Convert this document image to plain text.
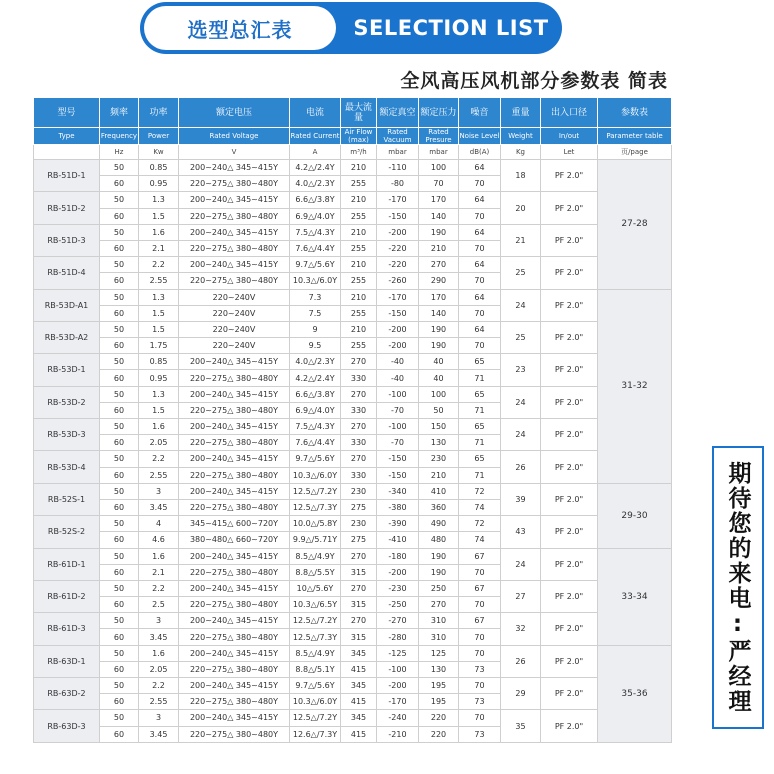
选型总汇表	SELECTION LIST
全风高压风机部分参数表 简表
型号	频率	功率	额定电压	电流	最大流量	额定真空	额定压力	噪音	重量	出入口径	参数表
Type	Frequency	Power	Rated Voltage	Rated Current	Air Flow (max)	Rated Vacuum	Rated Presure	Noise Level	Weight	In/out	Parameter table
	Hz	Kw	V	A	m³/h	mbar	mbar	dB(A)	Kg	Let	页/page
RB-51D-1	50	0.85	200~240△ 345~415Y	4.2△/2.4Y	210	-110	100	64	18	PF 2.0"	27-28
	60	0.95	220~275△ 380~480Y	4.0△/2.3Y	255	-80	70	70			
RB-51D-2	50	1.3	200~240△ 345~415Y	6.6△/3.8Y	210	-170	170	64	20	PF 2.0"	
	60	1.5	220~275△ 380~480Y	6.9△/4.0Y	255	-150	140	70			
RB-51D-3	50	1.6	200~240△ 345~415Y	7.5△/4.3Y	210	-200	190	64	21	PF 2.0"	
	60	2.1	220~275△ 380~480Y	7.6△/4.4Y	255	-220	210	70			
RB-51D-4	50	2.2	200~240△ 345~415Y	9.7△/5.6Y	210	-220	270	64	25	PF 2.0"	
	60	2.55	220~275△ 380~480Y	10.3△/6.0Y	255	-260	290	70			
RB-53D-A1	50	1.3	220~240V	7.3	210	-170	170	64	24	PF 2.0"	31-32
	60	1.5	220~240V	7.5	255	-150	140	70			
RB-53D-A2	50	1.5	220~240V	9	210	-200	190	64	25	PF 2.0"	
	60	1.75	220~240V	9.5	255	-200	190	70			
RB-53D-1	50	0.85	200~240△ 345~415Y	4.0△/2.3Y	270	-40	40	65	23	PF 2.0"	
	60	0.95	220~275△ 380~480Y	4.2△/2.4Y	330	-40	40	71			
RB-53D-2	50	1.3	200~240△ 345~415Y	6.6△/3.8Y	270	-100	100	65	24	PF 2.0"	
	60	1.5	220~275△ 380~480Y	6.9△/4.0Y	330	-70	50	71			
RB-53D-3	50	1.6	200~240△ 345~415Y	7.5△/4.3Y	270	-100	150	65	24	PF 2.0"	
	60	2.05	220~275△ 380~480Y	7.6△/4.4Y	330	-70	130	71			
RB-53D-4	50	2.2	200~240△ 345~415Y	9.7△/5.6Y	270	-150	230	65	26	PF 2.0"	
	60	2.55	220~275△ 380~480Y	10.3△/6.0Y	330	-150	210	71			
RB-52S-1	50	3	200~240△ 345~415Y	12.5△/7.2Y	230	-340	410	72	39	PF 2.0"	29-30
	60	3.45	220~275△ 380~480Y	12.5△/7.3Y	275	-380	360	74			
RB-52S-2	50	4	345~415△ 600~720Y	10.0△/5.8Y	230	-390	490	72	43	PF 2.0"	
	60	4.6	380~480△ 660~720Y	9.9△/5.71Y	275	-410	480	74			
RB-61D-1	50	1.6	200~240△ 345~415Y	8.5△/4.9Y	270	-180	190	67	24	PF 2.0"	33-34
	60	2.1	220~275△ 380~480Y	8.8△/5.5Y	315	-200	190	70			
RB-61D-2	50	2.2	200~240△ 345~415Y	10△/5.6Y	270	-230	250	67	27	PF 2.0"	
	60	2.5	220~275△ 380~480Y	10.3△/6.5Y	315	-250	270	70			
RB-61D-3	50	3	200~240△ 345~415Y	12.5△/7.2Y	270	-270	310	67	32	PF 2.0"	
	60	3.45	220~275△ 380~480Y	12.5△/7.3Y	315	-280	310	70			
RB-63D-1	50	1.6	200~240△ 345~415Y	8.5△/4.9Y	345	-125	125	70	26	PF 2.0"	35-36
	60	2.05	220~275△ 380~480Y	8.8△/5.1Y	415	-100	130	73			
RB-63D-2	50	2.2	200~240△ 345~415Y	9.7△/5.6Y	345	-200	195	70	29	PF 2.0"	
	60	2.55	220~275△ 380~480Y	10.3△/6.0Y	415	-170	195	73			
RB-63D-3	50	3	200~240△ 345~415Y	12.5△/7.2Y	345	-240	220	70	35	PF 2.0"	
	60	3.45	220~275△ 380~480Y	12.6△/7.3Y	415	-210	220	73			
期待您的来电:严经理
